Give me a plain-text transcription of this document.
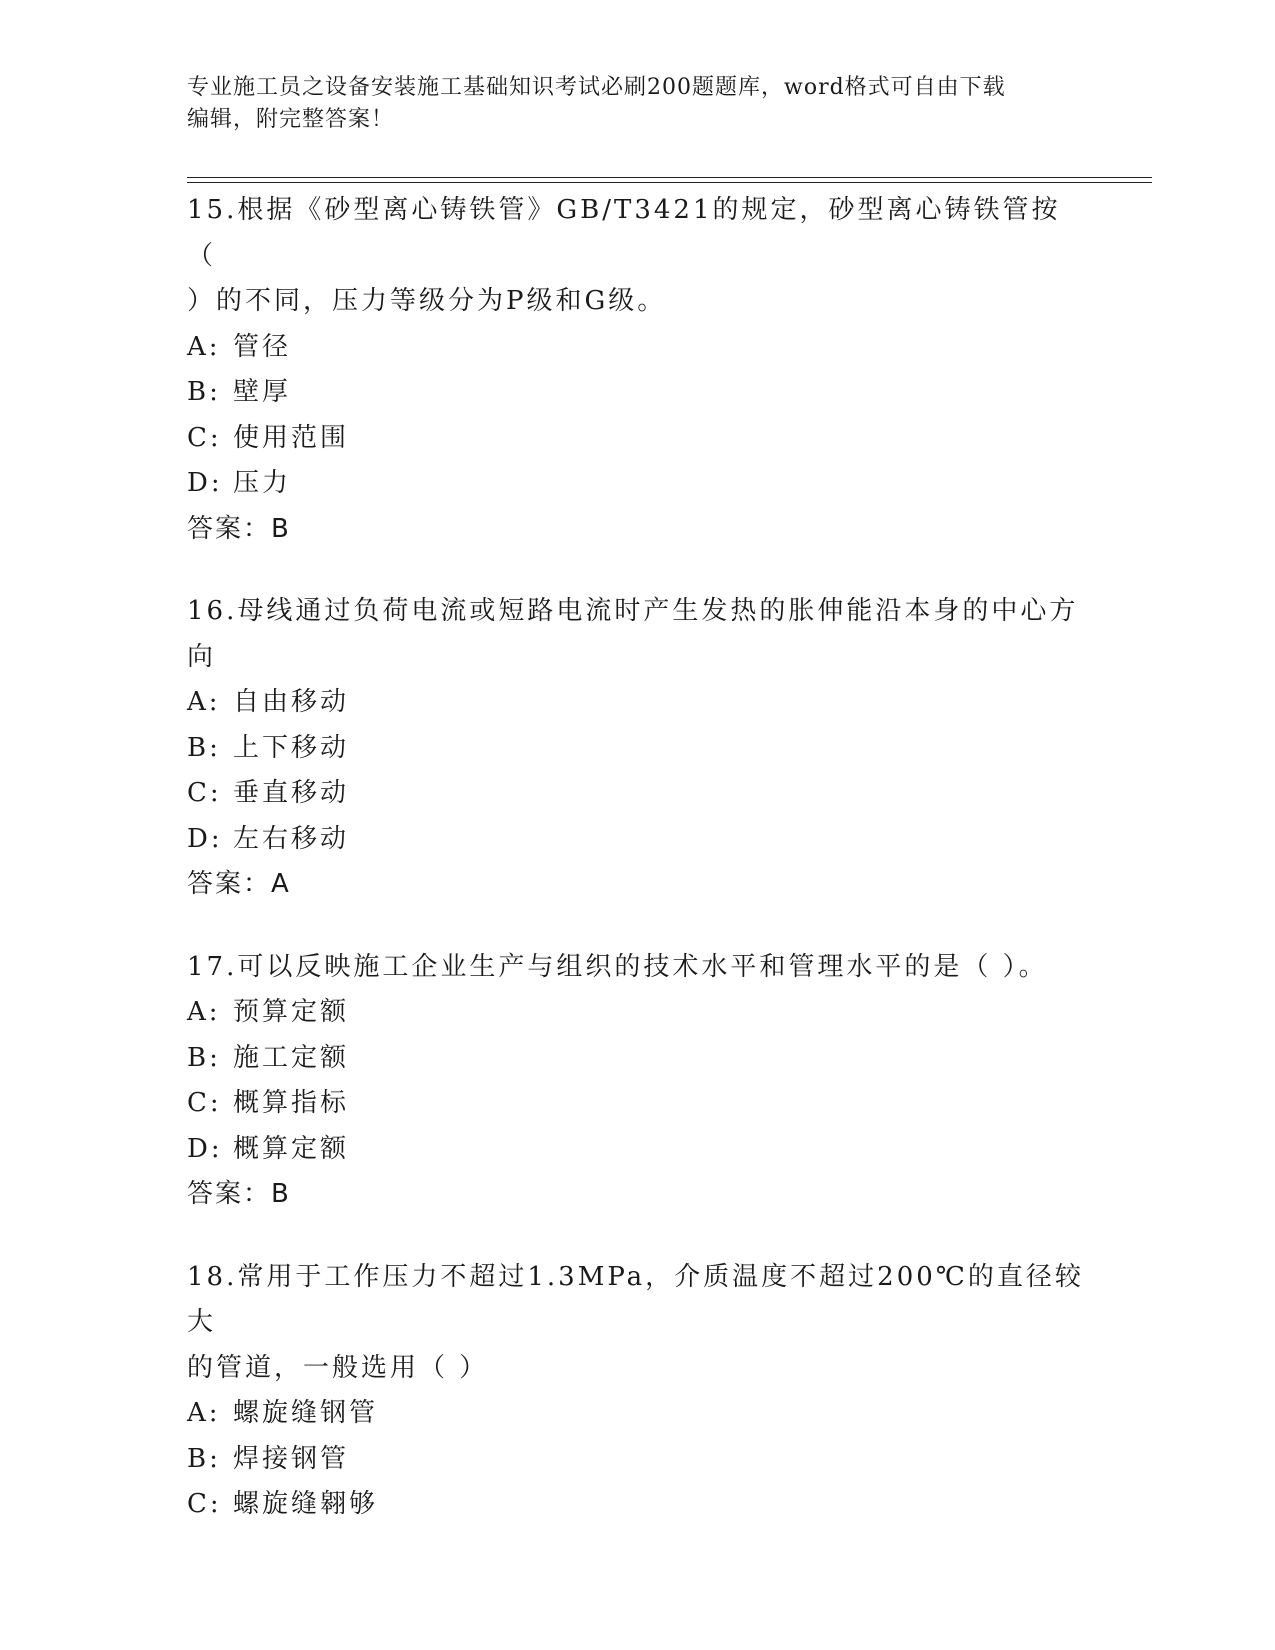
专业施工员之设备安装施工基础知识考试必刷200题题库，word格式可自由下载
编辑，附完整答案！
15.根据《砂型离心铸铁管》GB/T3421的规定，砂型离心铸铁管按（
）的不同，压力等级分为P级和G级。
A: 管径
B: 壁厚
C: 使用范围
D: 压力
答案：B
16.母线通过负荷电流或短路电流时产生发热的胀伸能沿本身的中心方
向
A: 自由移动
B: 上下移动
C: 垂直移动
D: 左右移动
答案：A
17.可以反映施工企业生产与组织的技术水平和管理水平的是（ ）。
A: 预算定额
B: 施工定额
C: 概算指标
D: 概算定额
答案：B
18.常用于工作压力不超过1.3MPa，介质温度不超过200℃的直径较大
的管道，一般选用（ ）
A: 螺旋缝钢管
B: 焊接钢管
C: 螺旋缝翱够
